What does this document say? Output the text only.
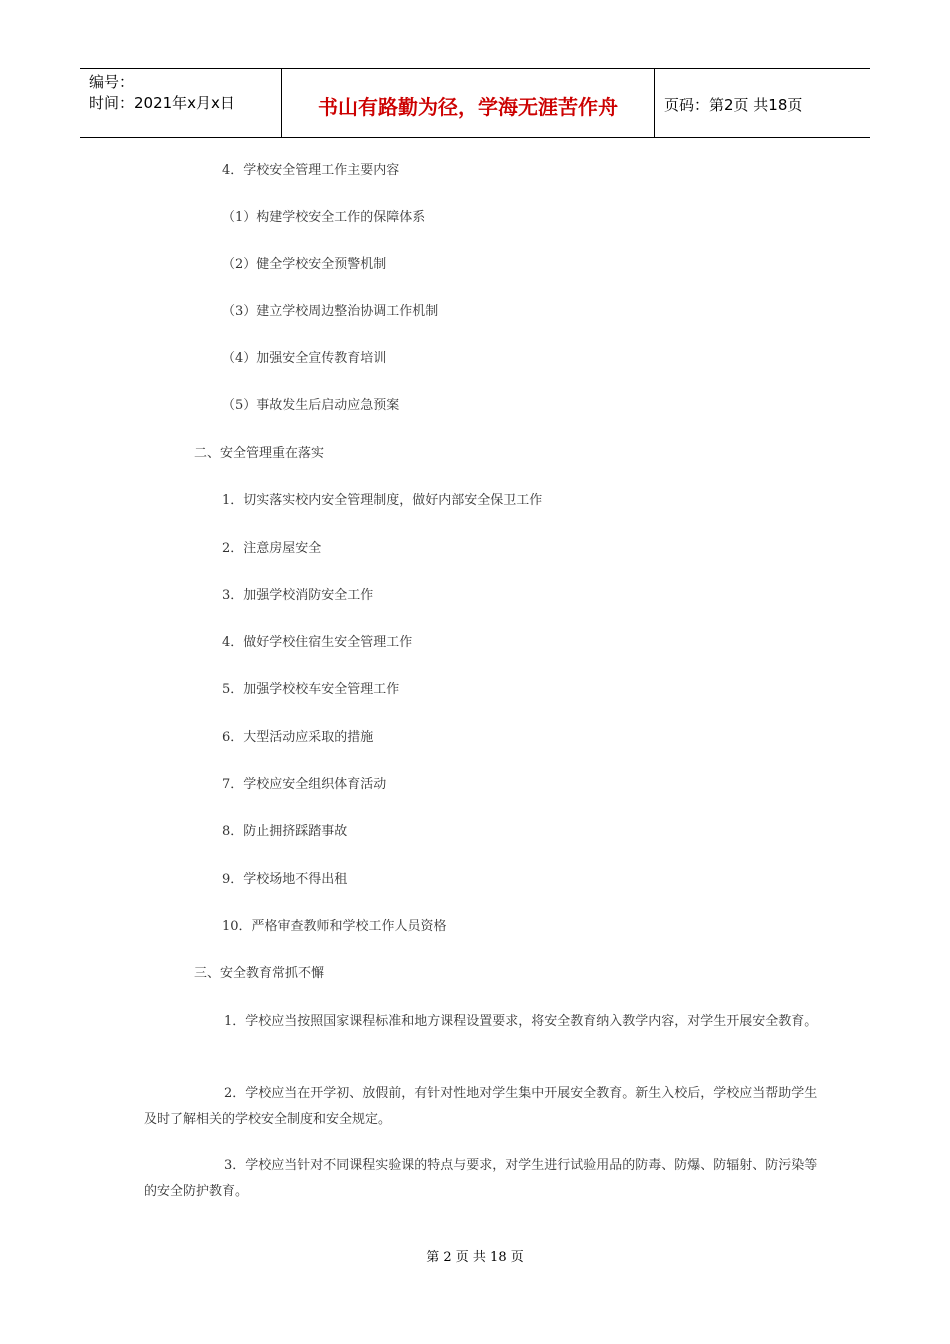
编号：
时间：2021年x月x日	书山有路勤为径，学海无涯苦作舟	页码：第2页 共18页
4．学校安全管理工作主要内容
（1）构建学校安全工作的保障体系
（2）健全学校安全预警机制
（3）建立学校周边整治协调工作机制
（4）加强安全宣传教育培训
（5）事故发生后启动应急预案
二、安全管理重在落实
1．切实落实校内安全管理制度，做好内部安全保卫工作
2．注意房屋安全
3．加强学校消防安全工作
4．做好学校住宿生安全管理工作
5．加强学校校车安全管理工作
6．大型活动应采取的措施
7．学校应安全组织体育活动
8．防止拥挤踩踏事故
9．学校场地不得出租
10．严格审查教师和学校工作人员资格
三、安全教育常抓不懈
1．学校应当按照国家课程标准和地方课程设置要求，将安全教育纳入教学内容，对学生开展安全教育。
2．学校应当在开学初、放假前，有针对性地对学生集中开展安全教育。新生入校后，学校应当帮助学生及时了解相关的学校安全制度和安全规定。
3．学校应当针对不同课程实验课的特点与要求，对学生进行试验用品的防毒、防爆、防辐射、防污染等的安全防护教育。
第 2 页 共 18 页
